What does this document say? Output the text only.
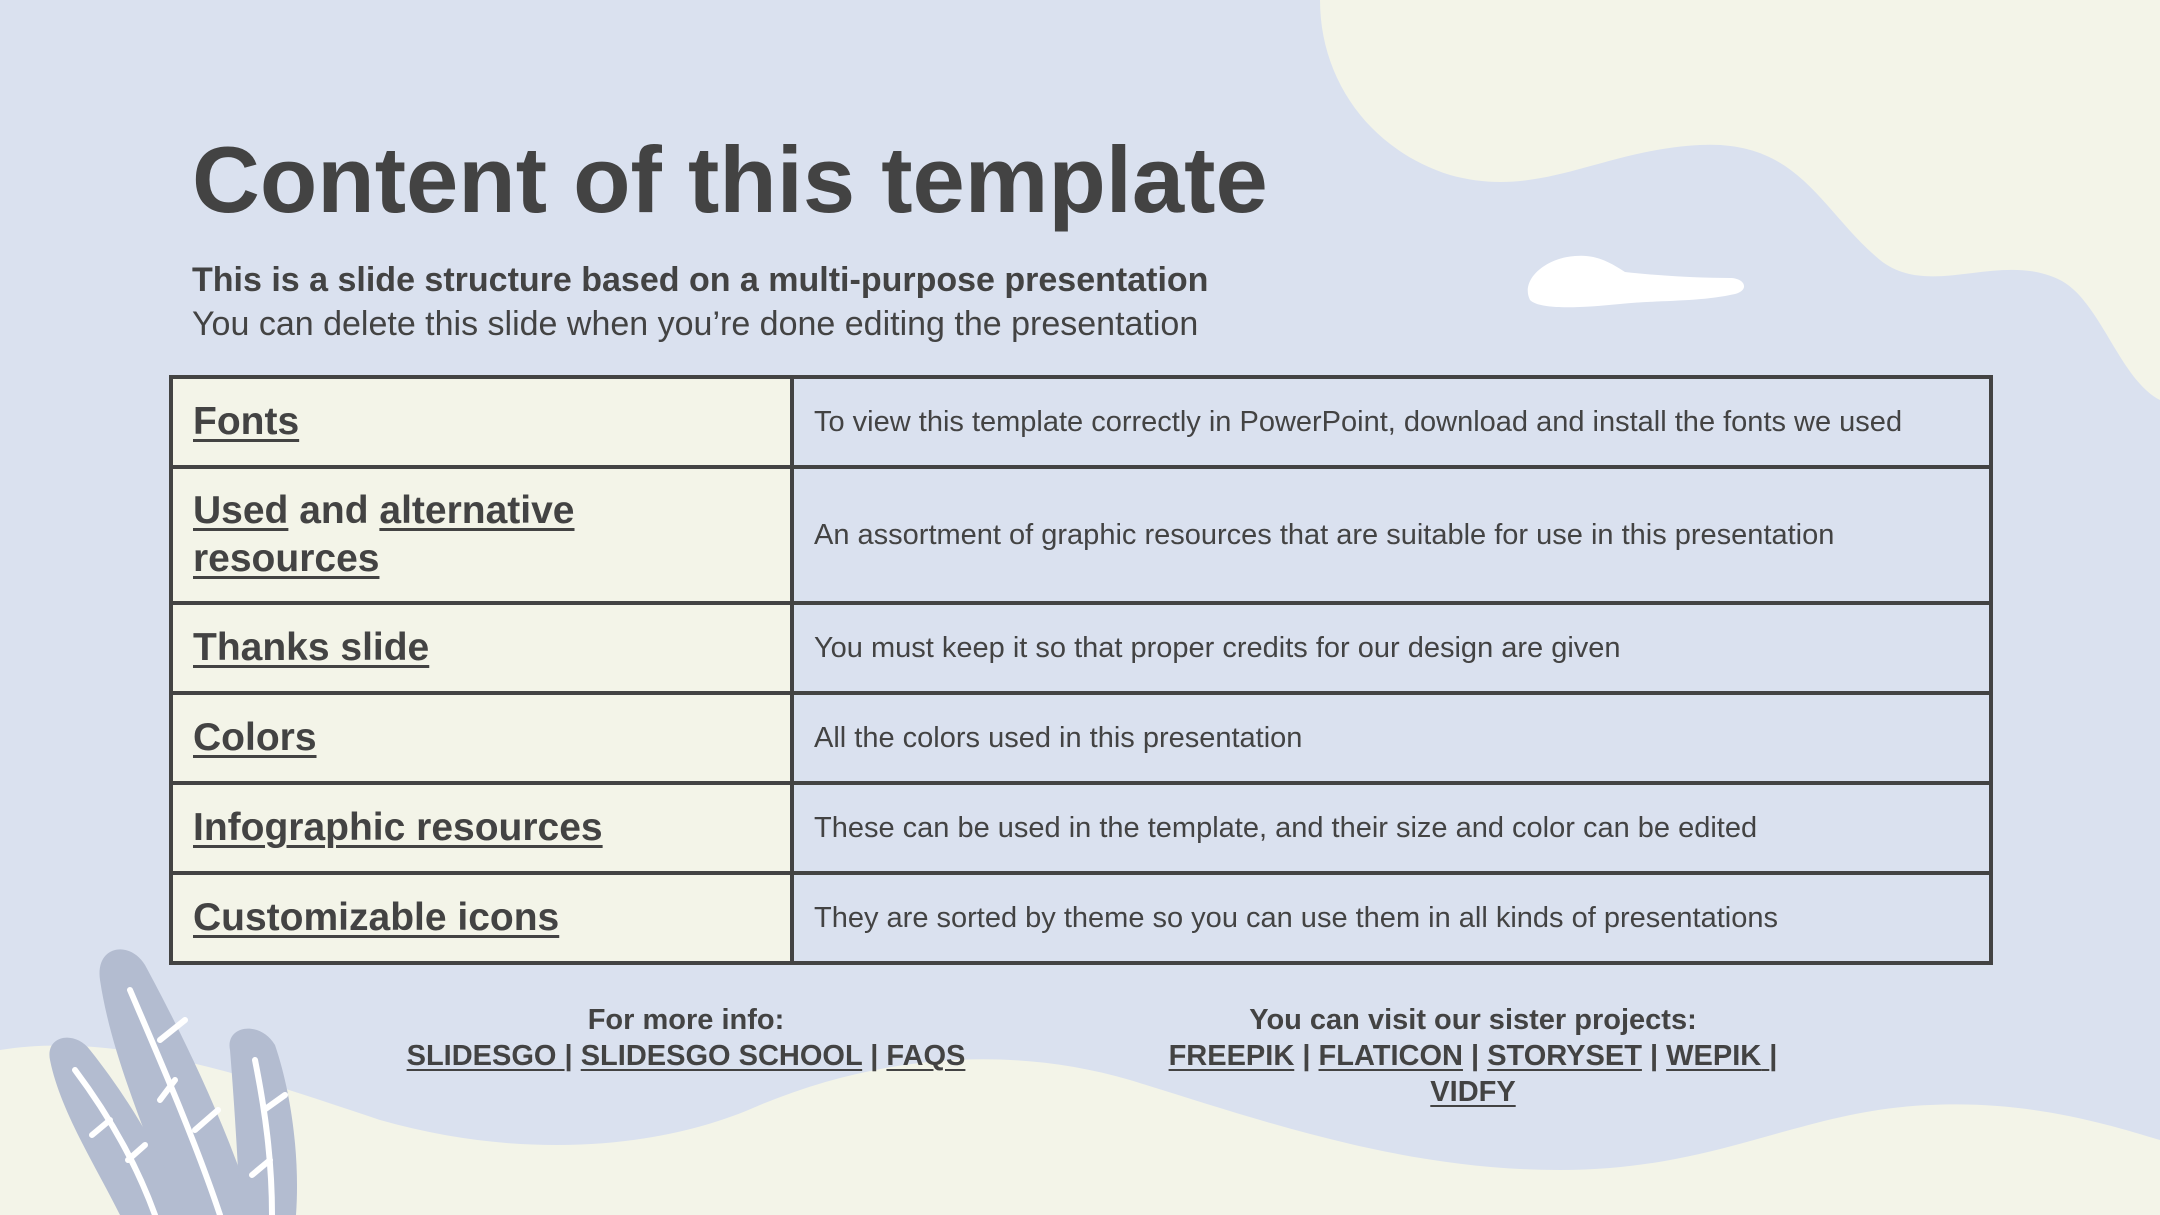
Content of this template
This is a slide structure based on a multi-purpose presentation
You can delete this slide when you’re done editing the presentation
Fonts	To view this template correctly in PowerPoint, download and install the fonts we used
Used and alternative resources	An assortment of graphic resources that are suitable for use in this presentation
Thanks slide	You must keep it so that proper credits for our design are given
Colors	All the colors used in this presentation
Infographic resources	These can be used in the template, and their size and color can be edited
Customizable icons	They are sorted by theme so you can use them in all kinds of presentations
For more info:
SLIDESGO | SLIDESGO SCHOOL | FAQS
You can visit our sister projects:
FREEPIK | FLATICON | STORYSET | WEPIK |
VIDFY
